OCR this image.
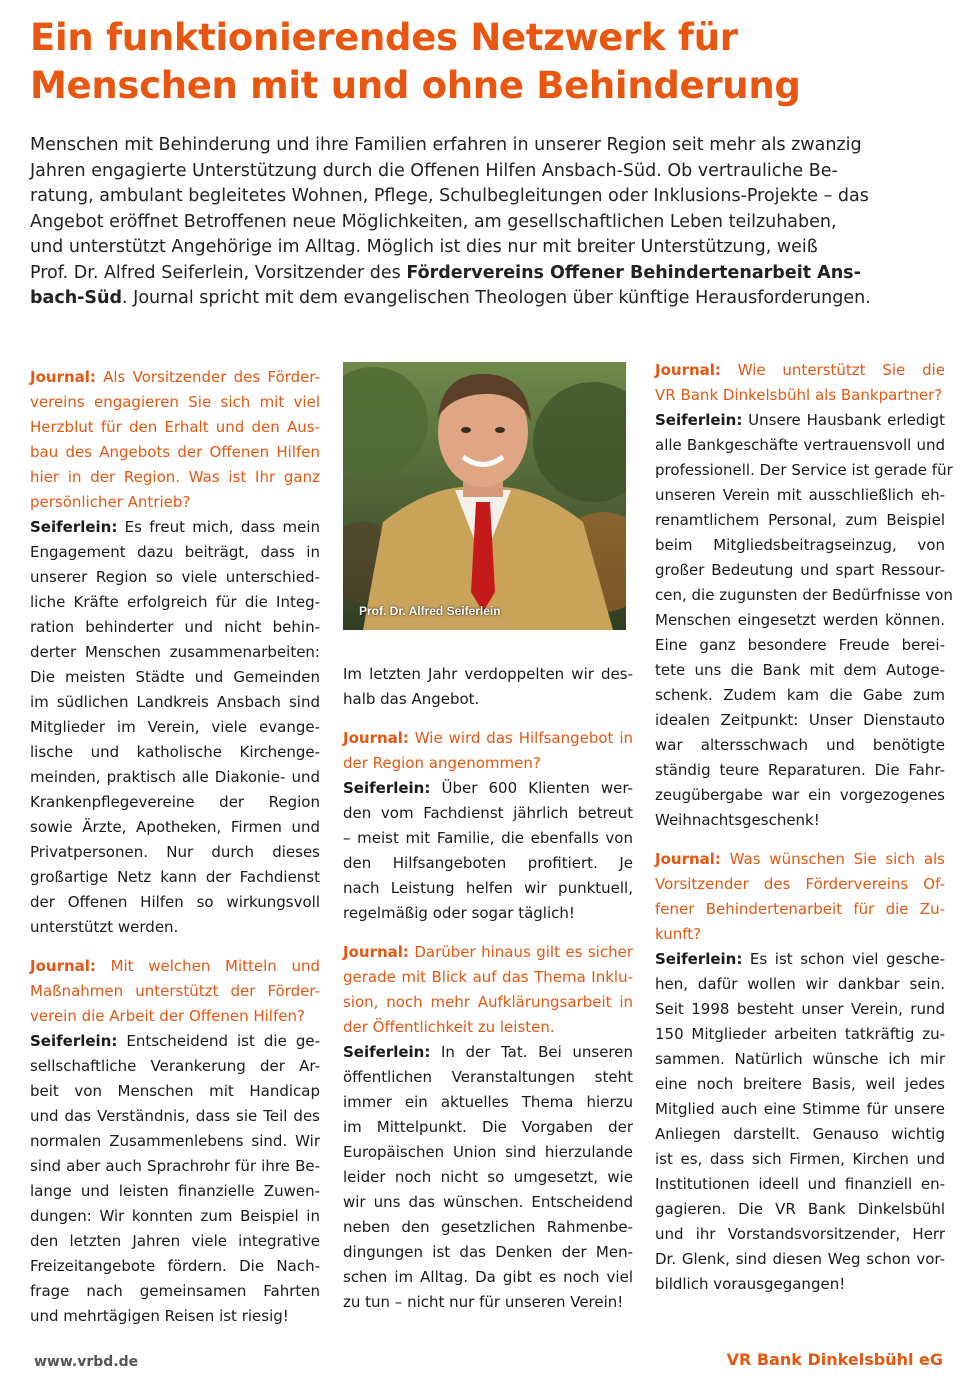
Ein funktionierendes Netzwerk für
Menschen mit und ohne Behinderung
Menschen mit Behinderung und ihre Familien erfahren in unserer Region seit mehr als zwanzig
Jahren engagierte Unterstützung durch die Offenen Hilfen Ansbach-Süd. Ob vertrauliche Be-
ratung, ambulant begleitetes Wohnen, Pflege, Schulbegleitungen oder Inklusions-Projekte – das
Angebot eröffnet Betroffenen neue Möglichkeiten, am gesellschaftlichen Leben teilzuhaben,
und unterstützt Angehörige im Alltag. Möglich ist dies nur mit breiter Unterstützung, weiß
Prof. Dr. Alfred Seiferlein, Vorsitzender des Fördervereins Offener Behindertenarbeit Ans-
bach-Süd. Journal spricht mit dem evangelischen Theologen über künftige Herausforderungen.
Journal: Als Vorsitzender des Förder-
vereins engagieren Sie sich mit viel
Herzblut für den Erhalt und den Aus-
bau des Angebots der Offenen Hilfen
hier in der Region. Was ist Ihr ganz
persönlicher Antrieb?
Seiferlein: Es freut mich, dass mein
Engagement dazu beiträgt, dass in
unserer Region so viele unterschied-
liche Kräfte erfolgreich für die Integ-
ration behinderter und nicht behin-
derter Menschen zusammenarbeiten:
Die meisten Städte und Gemeinden
im südlichen Landkreis Ansbach sind
Mitglieder im Verein, viele evange-
lische und katholische Kirchenge-
meinden, praktisch alle Diakonie- und
Krankenpflegevereine der Region
sowie Ärzte, Apotheken, Firmen und
Privatpersonen. Nur durch dieses
großartige Netz kann der Fachdienst
der Offenen Hilfen so wirkungsvoll
unterstützt werden.
Journal: Mit welchen Mitteln und
Maßnahmen unterstützt der Förder-
verein die Arbeit der Offenen Hilfen?
Seiferlein: Entscheidend ist die ge-
sellschaftliche Verankerung der Ar-
beit von Menschen mit Handicap
und das Verständnis, dass sie Teil des
normalen Zusammenlebens sind. Wir
sind aber auch Sprachrohr für ihre Be-
lange und leisten finanzielle Zuwen-
dungen: Wir konnten zum Beispiel in
den letzten Jahren viele integrative
Freizeitangebote fördern. Die Nach-
frage nach gemeinsamen Fahrten
und mehrtägigen Reisen ist riesig!
Prof. Dr. Alfred Seiferlein
Im letzten Jahr verdoppelten wir des-
halb das Angebot.
Journal: Wie wird das Hilfsangebot in
der Region angenommen?
Seiferlein: Über 600 Klienten wer-
den vom Fachdienst jährlich betreut
– meist mit Familie, die ebenfalls von
den Hilfsangeboten profitiert. Je
nach Leistung helfen wir punktuell,
regelmäßig oder sogar täglich!
Journal: Darüber hinaus gilt es sicher
gerade mit Blick auf das Thema Inklu-
sion, noch mehr Aufklärungsarbeit in
der Öffentlichkeit zu leisten.
Seiferlein: In der Tat. Bei unseren
öffentlichen Veranstaltungen steht
immer ein aktuelles Thema hierzu
im Mittelpunkt. Die Vorgaben der
Europäischen Union sind hierzulande
leider noch nicht so umgesetzt, wie
wir uns das wünschen. Entscheidend
neben den gesetzlichen Rahmenbe-
dingungen ist das Denken der Men-
schen im Alltag. Da gibt es noch viel
zu tun – nicht nur für unseren Verein!
Journal: Wie unterstützt Sie die
VR Bank Dinkelsbühl als Bankpartner?
Seiferlein: Unsere Hausbank erledigt
alle Bankgeschäfte vertrauensvoll und
professionell. Der Service ist gerade für
unseren Verein mit ausschließlich eh-
renamtlichem Personal, zum Beispiel
beim Mitgliedsbeitragseinzug, von
großer Bedeutung und spart Ressour-
cen, die zugunsten der Bedürfnisse von
Menschen eingesetzt werden können.
Eine ganz besondere Freude berei-
tete uns die Bank mit dem Autoge-
schenk. Zudem kam die Gabe zum
idealen Zeitpunkt: Unser Dienstauto
war altersschwach und benötigte
ständig teure Reparaturen. Die Fahr-
zeugübergabe war ein vorgezogenes
Weihnachtsgeschenk!
Journal: Was wünschen Sie sich als
Vorsitzender des Fördervereins Of-
fener Behindertenarbeit für die Zu-
kunft?
Seiferlein: Es ist schon viel gesche-
hen, dafür wollen wir dankbar sein.
Seit 1998 besteht unser Verein, rund
150 Mitglieder arbeiten tatkräftig zu-
sammen. Natürlich wünsche ich mir
eine noch breitere Basis, weil jedes
Mitglied auch eine Stimme für unsere
Anliegen darstellt. Genauso wichtig
ist es, dass sich Firmen, Kirchen und
Institutionen ideell und finanziell en-
gagieren. Die VR Bank Dinkelsbühl
und ihr Vorstandsvorsitzender, Herr
Dr. Glenk, sind diesen Weg schon vor-
bildlich vorausgegangen!
www.vrbd.de	VR Bank Dinkelsbühl eG
